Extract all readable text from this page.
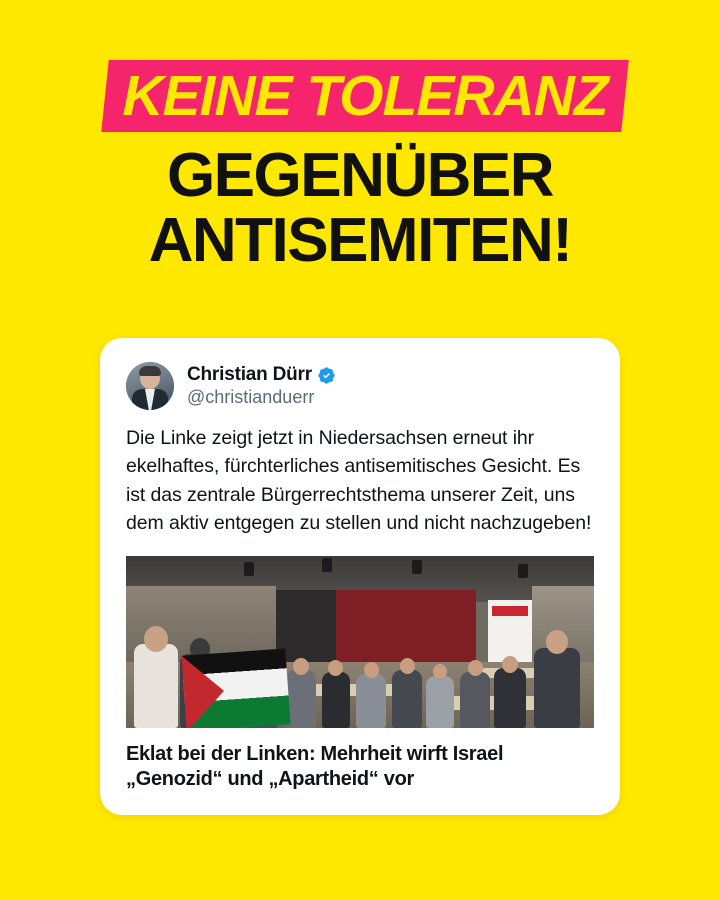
KEINE TOLERANZ
GEGENÜBER
ANTISEMITEN!
Christian Dürr
@christianduerr
Die Linke zeigt jetzt in Niedersachsen erneut ihr ekelhaftes, fürchterliches antisemitisches Gesicht. Es ist das zentrale Bürgerrechtsthema unserer Zeit, uns dem aktiv entgegen zu stellen und nicht nachzugeben!
Eklat bei der Linken: Mehrheit wirft Israel „Genozid“ und „Apartheid“ vor
